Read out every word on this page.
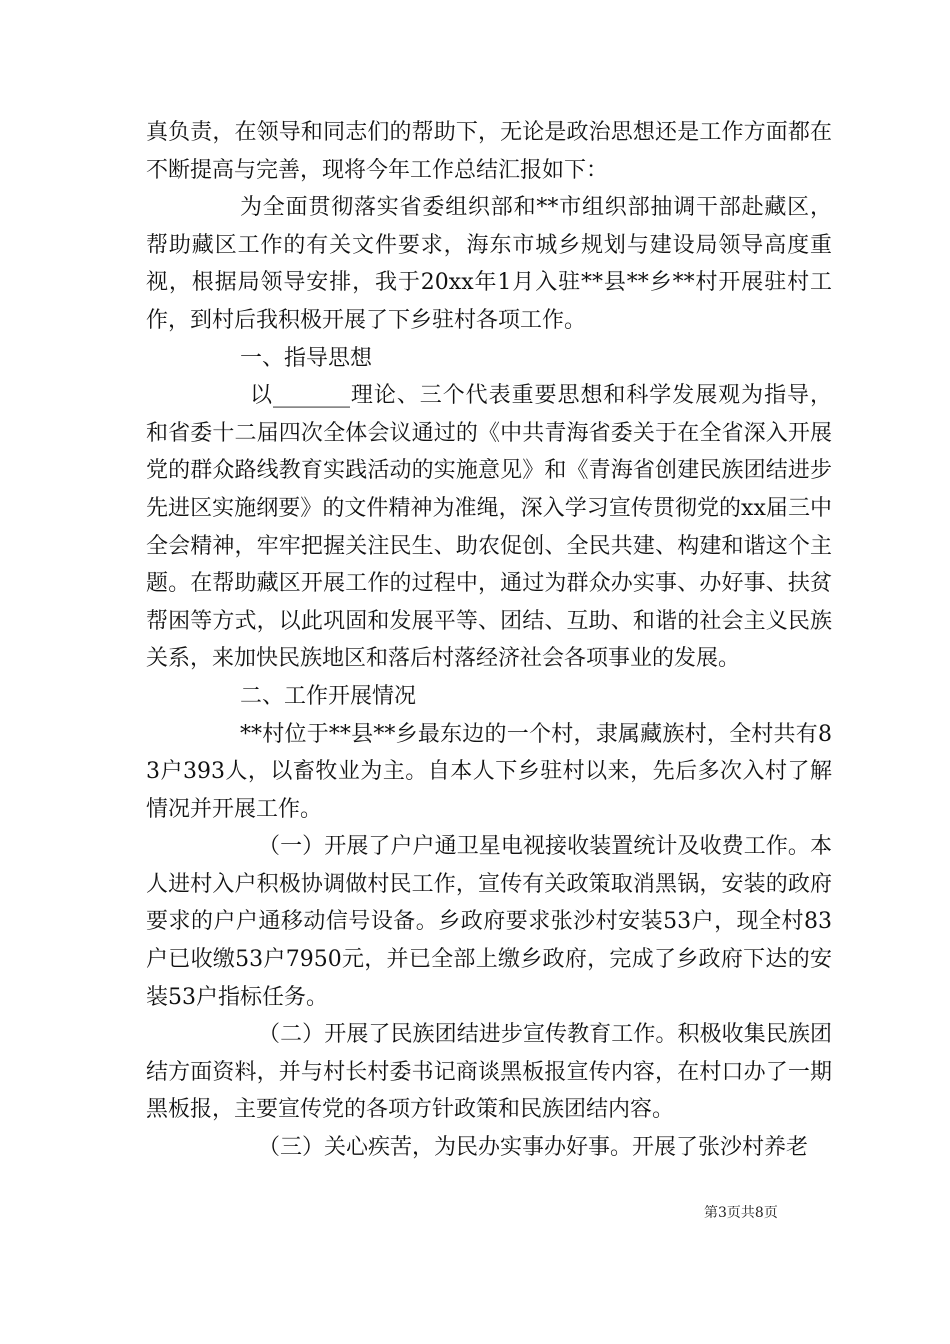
真负责，在领导和同志们的帮助下，无论是政治思想还是工作方面都在不断提高与完善，现将今年工作总结汇报如下：

为全面贯彻落实省委组织部和**市组织部抽调干部赴藏区，帮助藏区工作的有关文件要求，海东市城乡规划与建设局领导高度重视，根据局领导安排，我于20xx年1月入驻**县**乡**村开展驻村工作，到村后我积极开展了下乡驻村各项工作。

一、指导思想

以_______理论、三个代表重要思想和科学发展观为指导，和省委十二届四次全体会议通过的《中共青海省委关于在全省深入开展党的群众路线教育实践活动的实施意见》和《青海省创建民族团结进步先进区实施纲要》的文件精神为准绳，深入学习宣传贯彻党的xx届三中全会精神，牢牢把握关注民生、助农促创、全民共建、构建和谐这个主题。在帮助藏区开展工作的过程中，通过为群众办实事、办好事、扶贫帮困等方式，以此巩固和发展平等、团结、互助、和谐的社会主义民族关系，来加快民族地区和落后村落经济社会各项事业的发展。

二、工作开展情况

**村位于**县**乡最东边的一个村，隶属藏族村，全村共有83户393人，以畜牧业为主。自本人下乡驻村以来，先后多次入村了解情况并开展工作。

（一）开展了户户通卫星电视接收装置统计及收费工作。本人进村入户积极协调做村民工作，宣传有关政策取消黑锅，安装的政府要求的户户通移动信号设备。乡政府要求张沙村安装53户，现全村83户已收缴53户7950元，并已全部上缴乡政府，完成了乡政府下达的安装53户指标任务。

（二）开展了民族团结进步宣传教育工作。积极收集民族团结方面资料，并与村长村委书记商谈黑板报宣传内容，在村口办了一期黑板报，主要宣传党的各项方针政策和民族团结内容。

（三）关心疾苦，为民办实事办好事。开展了张沙村养老

第3页共8页
